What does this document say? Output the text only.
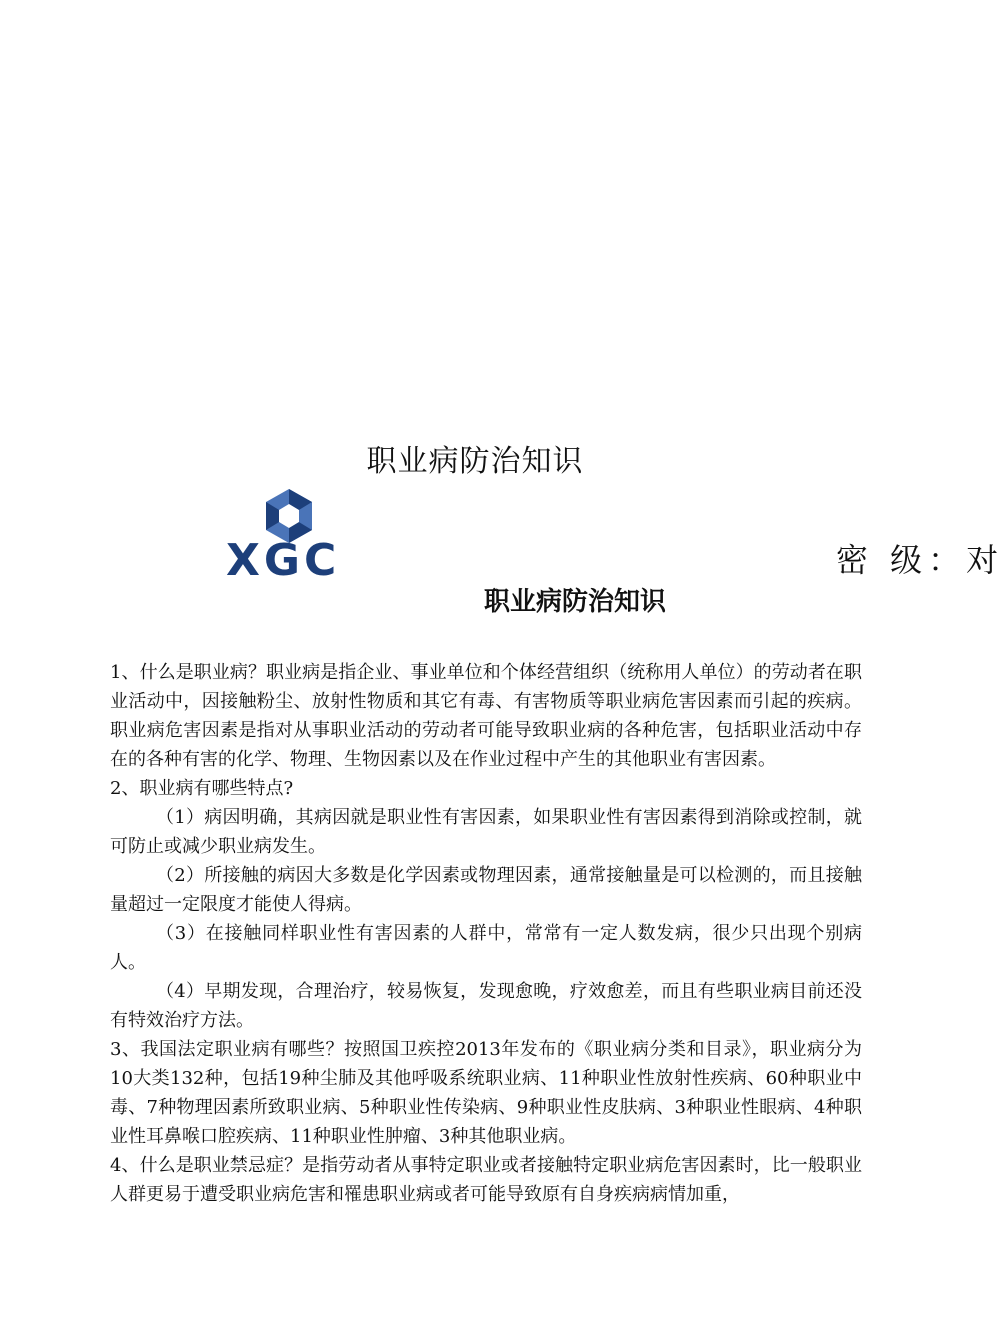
职业病防治知识
XGC	密 级：对
职业病防治知识

1、什么是职业病？职业病是指企业、事业单位和个体经营组织（统称用人单位）的劳动者在职业活动中，因接触粉尘、放射性物质和其它有毒、有害物质等职业病危害因素而引起的疾病。职业病危害因素是指对从事职业活动的劳动者可能导致职业病的各种危害，包括职业活动中存在的各种有害的化学、物理、生物因素以及在作业过程中产生的其他职业有害因素。

2、职业病有哪些特点?

（1）病因明确，其病因就是职业性有害因素，如果职业性有害因素得到消除或控制，就可防止或减少职业病发生。

（2）所接触的病因大多数是化学因素或物理因素，通常接触量是可以检测的，而且接触量超过一定限度才能使人得病。

（3）在接触同样职业性有害因素的人群中，常常有一定人数发病，很少只出现个别病人。

（4）早期发现，合理治疗，较易恢复，发现愈晚，疗效愈差，而且有些职业病目前还没有特效治疗方法。

3、我国法定职业病有哪些？按照国卫疾控2013年发布的《职业病分类和目录》，职业病分为10大类132种，包括19种尘肺及其他呼吸系统职业病、11种职业性放射性疾病、60种职业中毒、7种物理因素所致职业病、5种职业性传染病、9种职业性皮肤病、3种职业性眼病、4种职业性耳鼻喉口腔疾病、11种职业性肿瘤、3种其他职业病。

4、什么是职业禁忌症？是指劳动者从事特定职业或者接触特定职业病危害因素时，比一般职业人群更易于遭受职业病危害和罹患职业病或者可能导致原有自身疾病病情加重，
